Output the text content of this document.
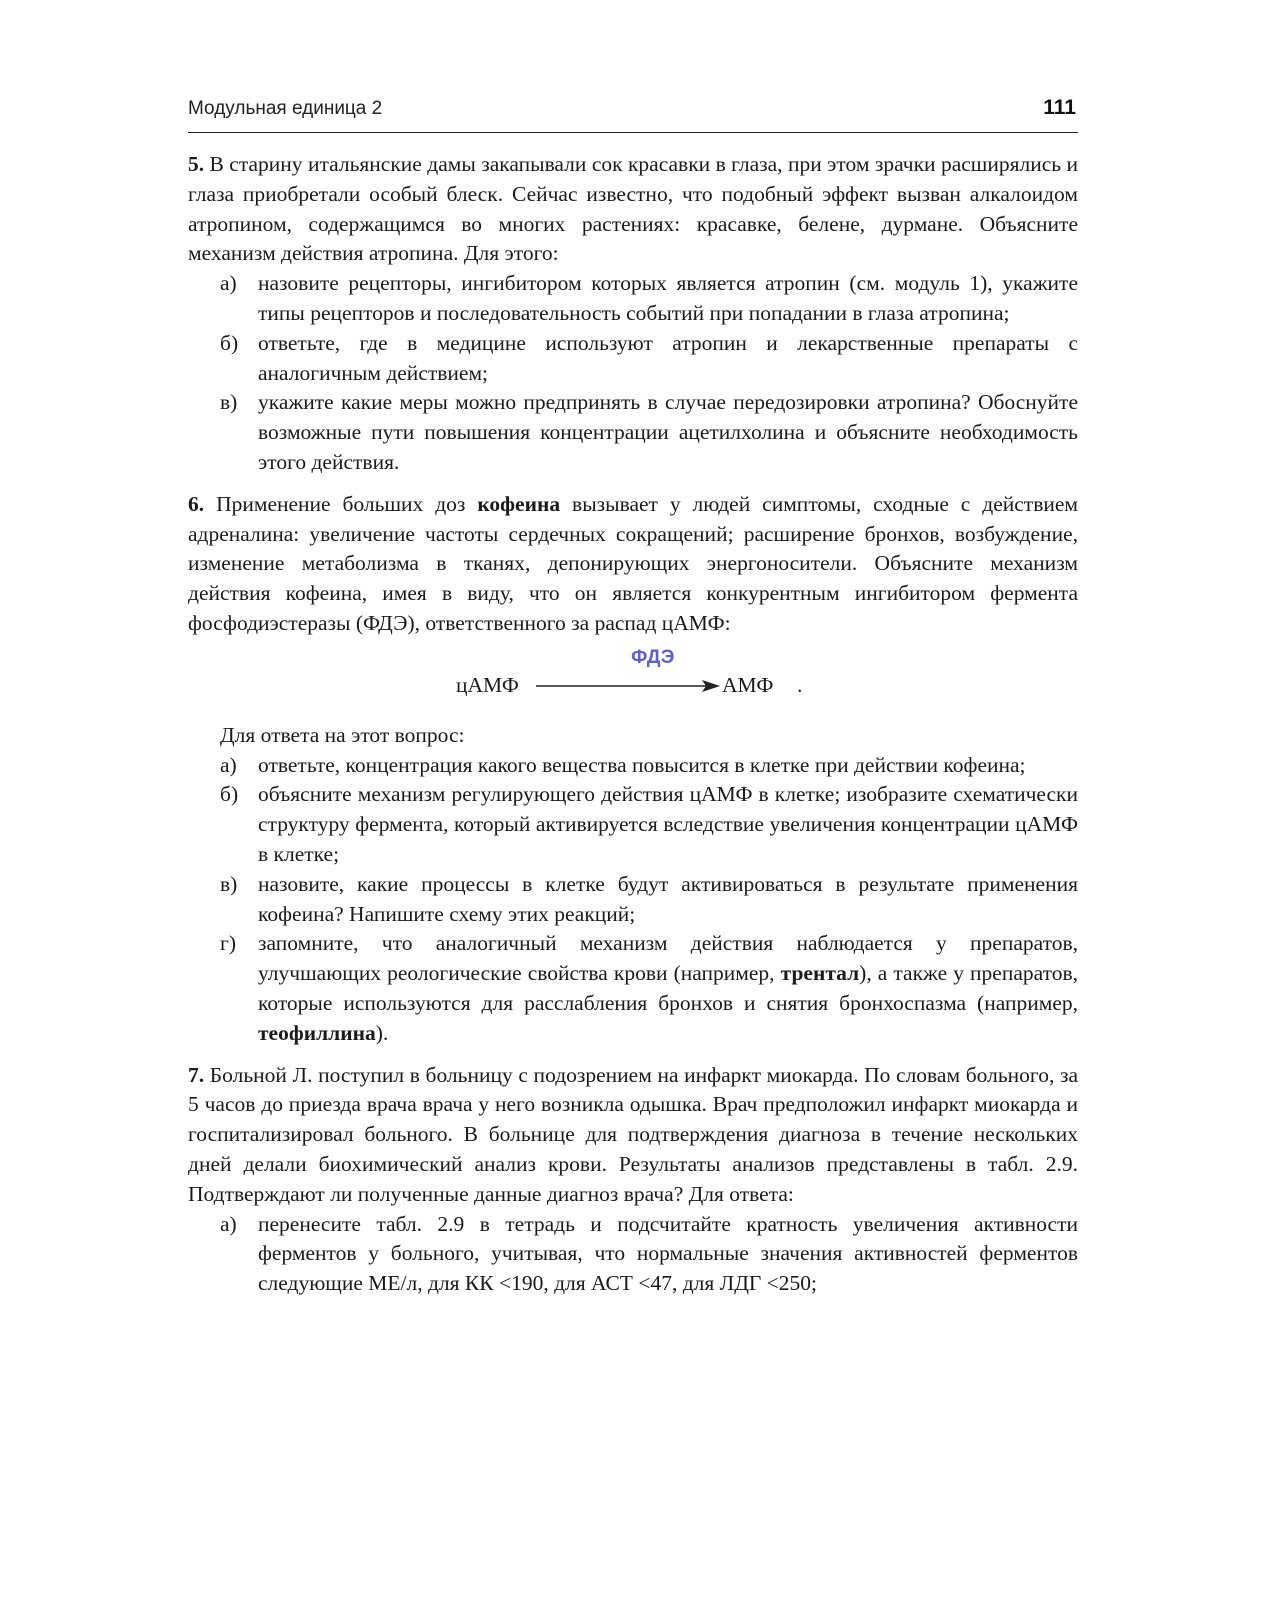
Модульная единица 2	111

5. В старину итальянские дамы закапывали сок красавки в глаза, при этом зрачки расширялись и глаза приобретали особый блеск. Сейчас известно, что подобный эффект вызван алкалоидом атропином, содержащимся во многих растениях: красавке, белене, дурмане. Объясните механизм действия атропина. Для этого:

а) назовите рецепторы, ингибитором которых является атропин (см. модуль 1), укажите типы рецепторов и последовательность событий при попадании в глаза атропина;
б) ответьте, где в медицине используют атропин и лекарственные препараты с аналогичным действием;
в) укажите какие меры можно предпринять в случае передозировки атропина? Обоснуйте возможные пути повышения концентрации ацетилхолина и объясните необходимость этого действия.

6. Применение больших доз кофеина вызывает у людей симптомы, сходные с действием адреналина: увеличение частоты сердечных сокращений; расширение бронхов, возбуждение, изменение метаболизма в тканях, депонирующих энергоносители. Объясните механизм действия кофеина, имея в виду, что он является конкурентным ингибитором фермента фосфодиэстеразы (ФДЭ), ответственного за распад цАМФ:

ФДЭ
цАМФ	АМФ .

Для ответа на этот вопрос:

а) ответьте, концентрация какого вещества повысится в клетке при действии кофеина;
б) объясните механизм регулирующего действия цАМФ в клетке; изобразите схематически структуру фермента, который активируется вследствие увеличения концентрации цАМФ в клетке;
в) назовите, какие процессы в клетке будут активироваться в результате применения кофеина? Напишите схему этих реакций;
г) запомните, что аналогичный механизм действия наблюдается у препаратов, улучшающих реологические свойства крови (например, трентал), а также у препаратов, которые используются для расслабления бронхов и снятия бронхоспазма (например, теофиллина).

7. Больной Л. поступил в больницу с подозрением на инфаркт миокарда. По словам больного, за 5 часов до приезда врача врача у него возникла одышка. Врач предположил инфаркт миокарда и госпитализировал больного. В больнице для подтверждения диагноза в течение нескольких дней делали биохимический анализ крови. Результаты анализов представлены в табл. 2.9. Подтверждают ли полученные данные диагноз врача? Для ответа:

а) перенесите табл. 2.9 в тетрадь и подсчитайте кратность увеличения активности ферментов у больного, учитывая, что нормальные значения активностей ферментов следующие МЕ/л, для КК <190, для АСТ <47, для ЛДГ <250;
